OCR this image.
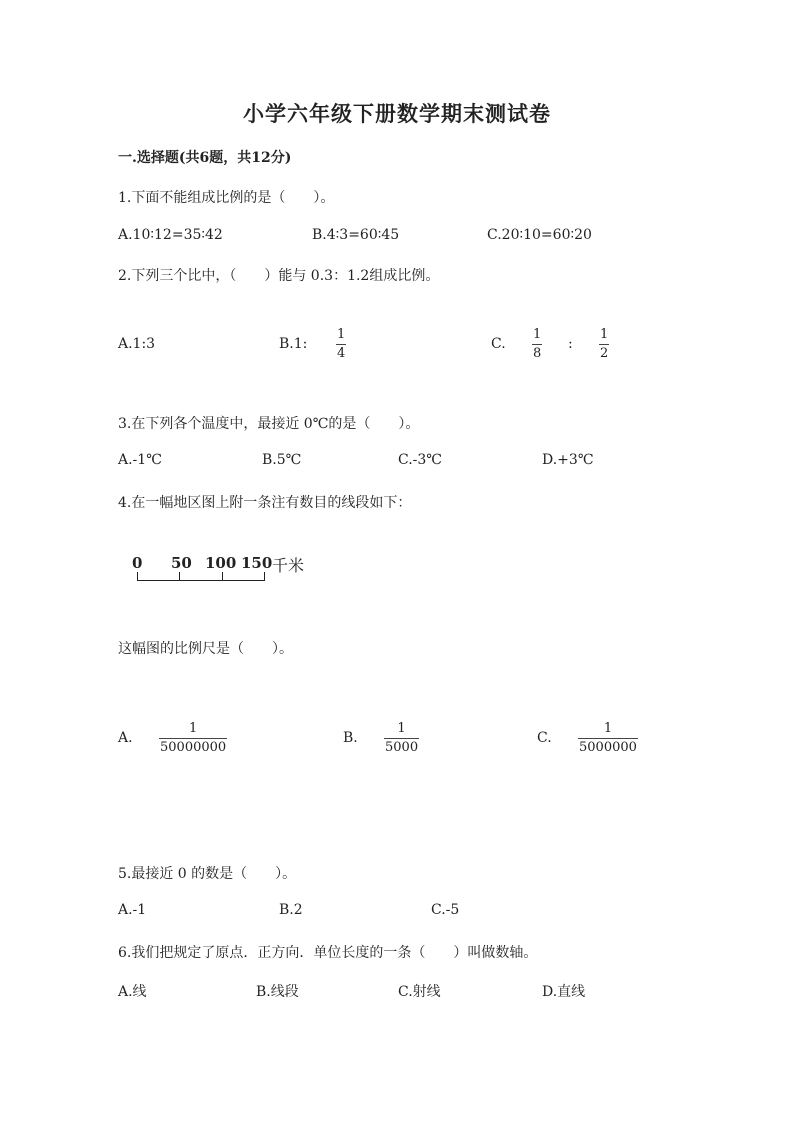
小学六年级下册数学期末测试卷
一.选择题(共6题，共12分)
1.下面不能组成比例的是（　　）。
A.10∶12=35∶42	B.4∶3=60∶45	C.20∶10=60∶20
2.下列三个比中，（　　）能与 0.3：1.2组成比例。
A.1:3	B.1:
1
4
C.
1
8
:
1
2
3.在下列各个温度中，最接近 0℃的是（　　）。
A.-1℃	B.5℃	C.-3℃	D.+3℃
4.在一幅地区图上附一条注有数目的线段如下：
0 50 100 150 千米
这幅图的比例尺是（　　）。
A.
1
50000000
B.
1
5000
C.
1
5000000
5.最接近 0 的数是（　　）。
A.-1	B.2	C.-5
6.我们把规定了原点．正方向．单位长度的一条（　　）叫做数轴。
A.线	B.线段	C.射线	D.直线
